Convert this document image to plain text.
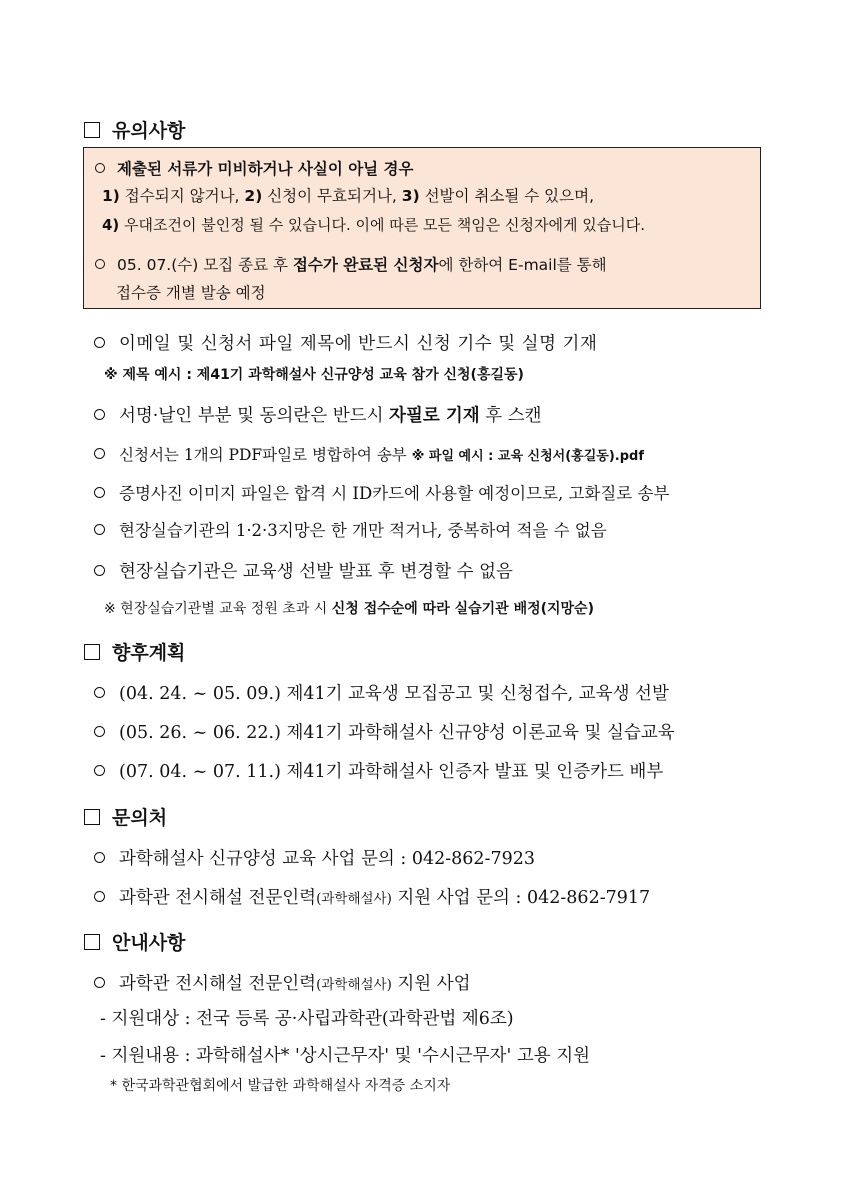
유의사항
제출된 서류가 미비하거나 사실이 아닐 경우
1) 접수되지 않거나, 2) 신청이 무효되거나, 3) 선발이 취소될 수 있으며,
4) 우대조건이 불인정 될 수 있습니다. 이에 따른 모든 책임은 신청자에게 있습니다.
05. 07.(수) 모집 종료 후 접수가 완료된 신청자에 한하여 E-mail를 통해
접수증 개별 발송 예정
이메일 및 신청서 파일 제목에 반드시 신청 기수 및 실명 기재
※ 제목 예시 : 제41기 과학해설사 신규양성 교육 참가 신청(홍길동)
서명·날인 부분 및 동의란은 반드시 자필로 기재 후 스캔
신청서는 1개의 PDF파일로 병합하여 송부 ※ 파일 예시 : 교육 신청서(홍길동).pdf
증명사진 이미지 파일은 합격 시 ID카드에 사용할 예정이므로, 고화질로 송부
현장실습기관의 1·2·3지망은 한 개만 적거나, 중복하여 적을 수 없음
현장실습기관은 교육생 선발 발표 후 변경할 수 없음
※ 현장실습기관별 교육 정원 초과 시 신청 접수순에 따라 실습기관 배정(지망순)
향후계획
(04. 24. ~ 05. 09.) 제41기 교육생 모집공고 및 신청접수, 교육생 선발
(05. 26. ~ 06. 22.) 제41기 과학해설사 신규양성 이론교육 및 실습교육
(07. 04. ~ 07. 11.) 제41기 과학해설사 인증자 발표 및 인증카드 배부
문의처
과학해설사 신규양성 교육 사업 문의 : 042-862-7923
과학관 전시해설 전문인력(과학해설사) 지원 사업 문의 : 042-862-7917
안내사항
과학관 전시해설 전문인력(과학해설사) 지원 사업
- 지원대상 : 전국 등록 공·사립과학관(과학관법 제6조)
- 지원내용 : 과학해설사* '상시근무자' 및 '수시근무자' 고용 지원
* 한국과학관협회에서 발급한 과학해설사 자격증 소지자
